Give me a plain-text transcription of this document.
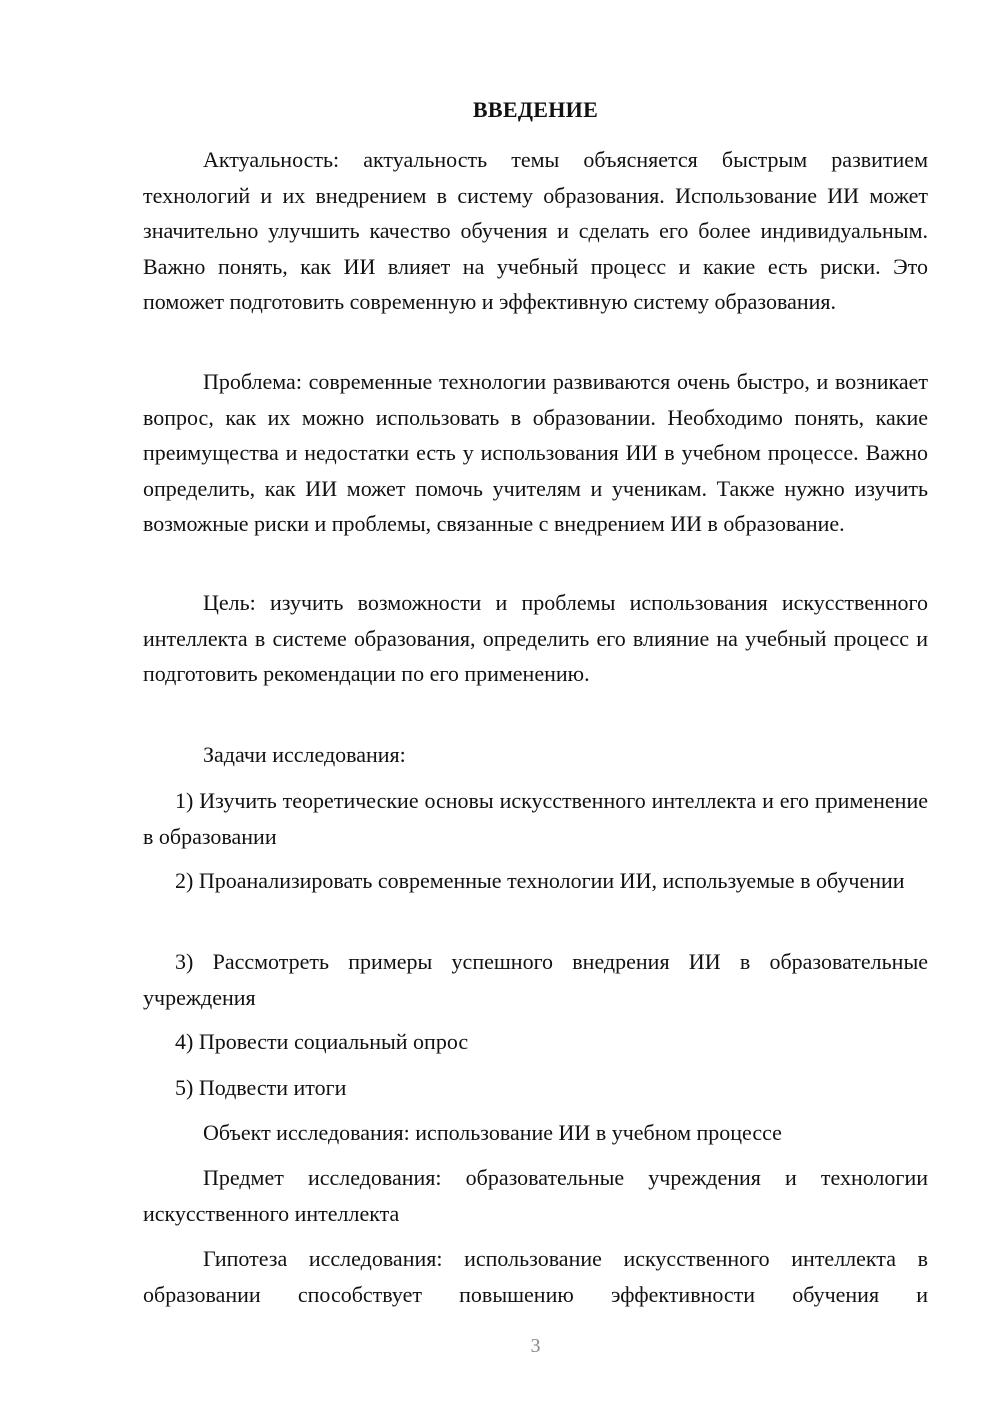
ВВЕДЕНИЕ

Актуальность: актуальность темы объясняется быстрым развитием технологий и их внедрением в систему образования. Использование ИИ может значительно улучшить качество обучения и сделать его более индивидуальным. Важно понять, как ИИ влияет на учебный процесс и какие есть риски. Это поможет подготовить современную и эффективную систему образования.

Проблема: современные технологии развиваются очень быстро, и возникает вопрос, как их можно использовать в образовании. Необходимо понять, какие преимущества и недостатки есть у использования ИИ в учебном процессе. Важно определить, как ИИ может помочь учителям и ученикам. Также нужно изучить возможные риски и проблемы, связанные с внедрением ИИ в образование.

Цель: изучить возможности и проблемы использования искусственного интеллекта в системе образования, определить его влияние на учебный процесс и подготовить рекомендации по его применению.

Задачи исследования:

1) Изучить теоретические основы искусственного интеллекта и его применение в образовании

2) Проанализировать современные технологии ИИ, используемые в обучении

3) Рассмотреть примеры успешного внедрения ИИ в образовательные учреждения

4) Провести социальный опрос

5) Подвести итоги

Объект исследования: использование ИИ в учебном процессе

Предмет исследования: образовательные учреждения и технологии искусственного интеллекта

Гипотеза исследования: использование искусственного интеллекта в образовании способствует повышению эффективности обучения и

3
